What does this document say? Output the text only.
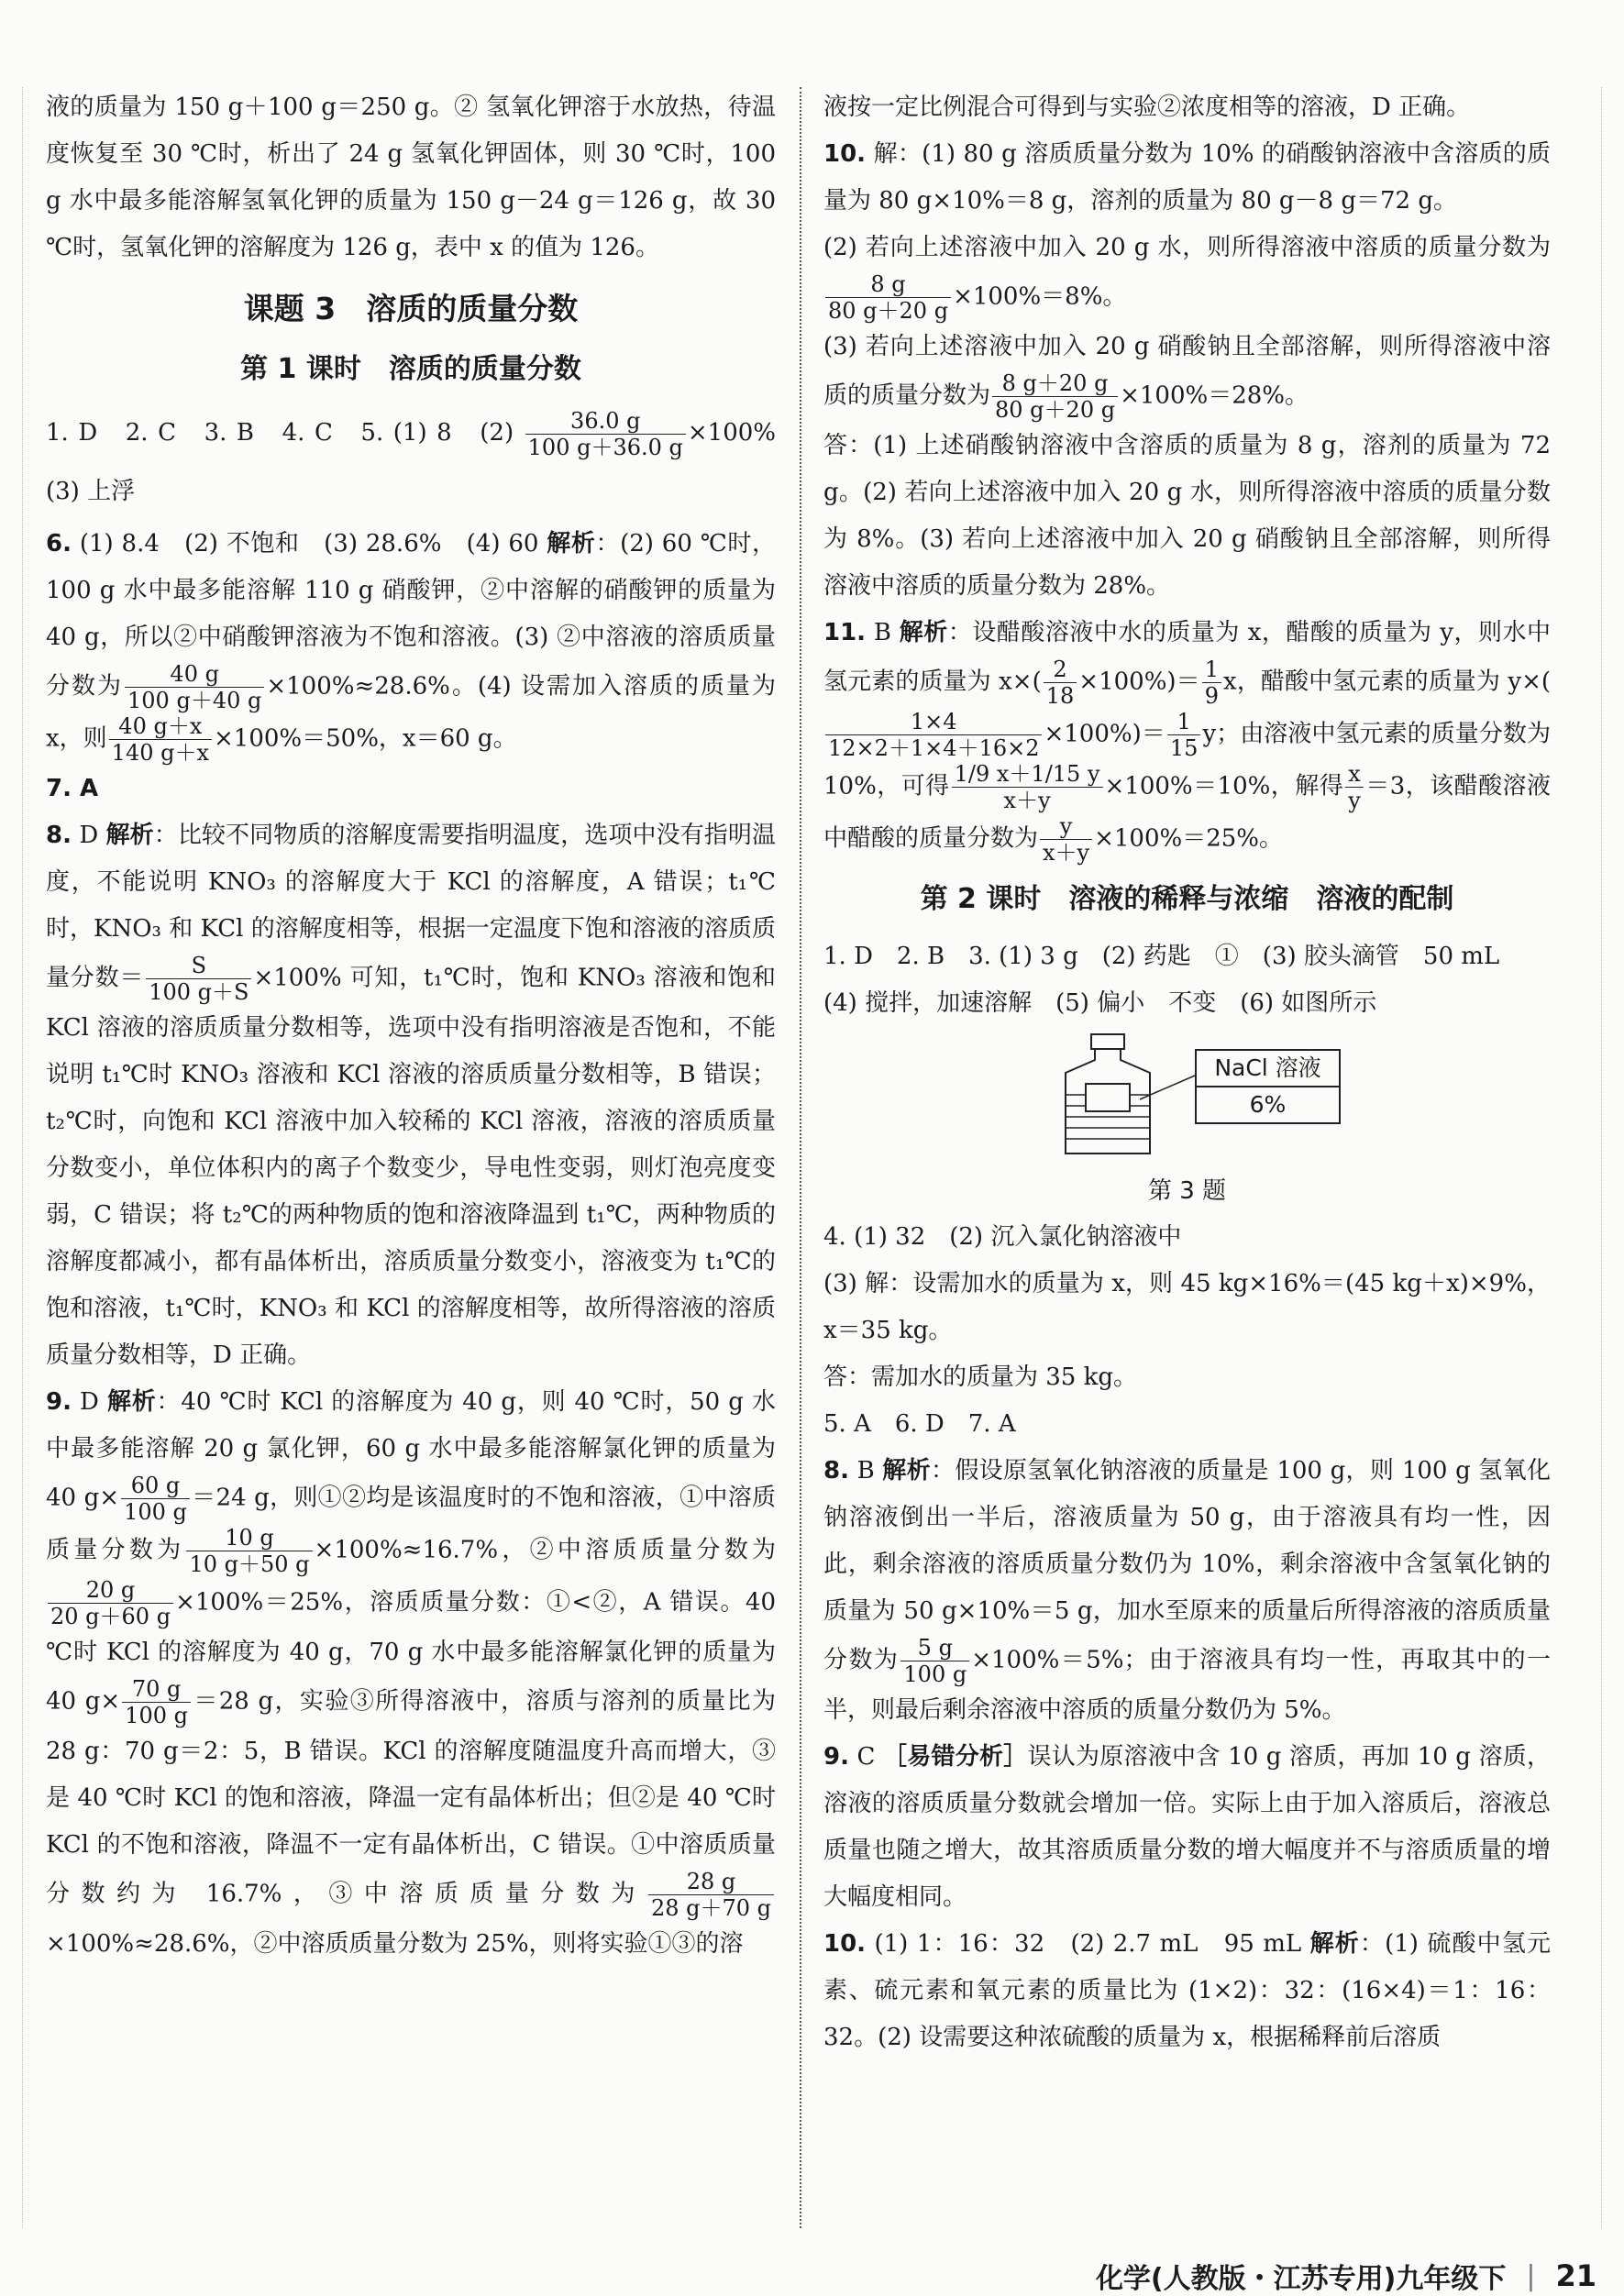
液的质量为 150 g＋100 g＝250 g。② 氢氧化钾溶于水放热，待温度恢复至 30 ℃时，析出了 24 g 氢氧化钾固体，则 30 ℃时，100 g 水中最多能溶解氢氧化钾的质量为 150 g－24 g＝126 g，故 30 ℃时，氢氧化钾的溶解度为 126 g，表中 x 的值为 126。

课题 3　溶质的质量分数
第 1 课时　溶质的质量分数

1. D　2. C　3. B　4. C　5. (1) 8　$(2) \frac{36.0 g}{100 g+36.0 g} \times 100\%$　(3) 上浮

6. (1) 8.4　(2) 不饱和　(3) 28.6%　(4) 60 解析：(2) 60 ℃时，100 g 水中最多能溶解 110 g 硝酸钾，②中溶解的硝酸钾的质量为 40 g，所以②中硝酸钾溶液为不饱和溶液。(3) ②中溶液的溶质质量分数为 $\frac{40 g}{100 g+40 g} \times 100\%\approx 28.6\%$。(4) 设需加入溶质的质量为 x，则 $\frac{40 g+x}{140 g+x} \times 100\%=50\%$，x＝60 g。

7. A

8. D 解析：比较不同物质的溶解度需要指明温度，选项中没有指明温度，不能说明 KNO₃ 的溶解度大于 KCl 的溶解度，A 错误；t₁℃时，KNO₃ 和 KCl 的溶解度相等，根据一定温度下饱和溶液的溶质质量分数＝ $\frac{S}{100 g+S} \times 100\%$ 可知，t₁℃时，饱和 KNO₃ 溶液和饱和 KCl 溶液的溶质质量分数相等，选项中没有指明溶液是否饱和，不能说明 t₁℃时 KNO₃ 溶液和 KCl 溶液的溶质质量分数相等，B 错误；t₂℃时，向饱和 KCl 溶液中加入较稀的 KCl 溶液，溶液的溶质质量分数变小，单位体积内的离子个数变少，导电性变弱，则灯泡亮度变弱，C 错误；将 t₂℃的两种物质的饱和溶液降温到 t₁℃，两种物质的溶解度都减小，都有晶体析出，溶质质量分数变小，溶液变为 t₁℃的饱和溶液，t₁℃时，KNO₃ 和 KCl 的溶解度相等，故所得溶液的溶质质量分数相等，D 正确。

9. D 解析：40 ℃时 KCl 的溶解度为 40 g，则 40 ℃时，50 g 水中最多能溶解 20 g 氯化钾，60 g 水中最多能溶解氯化钾的质量为 40 $g\times \frac{60 g}{100 g} =24$ g，则①②均是该温度时的不饱和溶液，①中溶质质量分数为 $\frac{10 g}{10 g+50 g} \times 100\%\approx 16.7\%$，②中溶质质量分数为
$\frac{20 g}{20 g+60 g} \times 100\%=25\%$，溶质质量分数：①<②，A 错误。40 ℃时 KCl 的溶解度为 40 g，70 g 水中最多能溶解氯化钾的质量为 40 $g\times \frac{70 g}{100 g} =28$ g，实验③所得溶液中，溶质与溶剂的质量比为 28 g：70 g＝2：5，B 错误。KCl 的溶解度随温度升高而增大，③是 40 ℃时 KCl 的饱和溶液，降温一定有晶体析出；但②是 40 ℃时 KCl 的不饱和溶液，降温不一定有晶体析出，C 错误。①中溶质质量分数约为 16.7%，③中溶质质量分数为 $\frac{28 g}{28 g+70 g}$
×100%≈28.6%，②中溶质质量分数为 25%，则将实验①③的溶

液按一定比例混合可得到与实验②浓度相等的溶液，D 正确。

10. 解：(1) 80 g 溶质质量分数为 10% 的硝酸钠溶液中含溶质的质量为 80 g×10%＝8 g，溶剂的质量为 80 g－8 g＝72 g。

(2) 若向上述溶液中加入 20 g 水，则所得溶液中溶质的质量分数为
$\frac{8 g}{80 g+20 g} \times 100\%=8\%$。

(3) 若向上述溶液中加入 20 g 硝酸钠且全部溶解，则所得溶液中溶质的质量分数为 $\frac{8 g+20 g}{80 g+20 g} \times 100\%=28\%$。

答：(1) 上述硝酸钠溶液中含溶质的质量为 8 g，溶剂的质量为 72 g。(2) 若向上述溶液中加入 20 g 水，则所得溶液中溶质的质量分数为 8%。(3) 若向上述溶液中加入 20 g 硝酸钠且全部溶解，则所得溶液中溶质的质量分数为 28%。

11. B 解析：设醋酸溶液中水的质量为 x，醋酸的质量为 y，则水中氢元素的质量为 $x\times( \frac{2}{18} \times 100\%)= \frac{1}{9}$ x，醋酸中氢元素的质量为 y×(
$\frac{1\times 4}{12\times 2+1\times 4+16\times 2} \times 100\%)= \frac{1}{15}$ y；由溶液中氢元素的质量分数为 10%，可得 $\frac{1/9 x+1/15 y}{x+y} \times 100\%=10\%$，解得 $\frac{x}{y} =3$，该醋酸溶液中醋酸的质量分数为 $\frac{y}{x+y} \times 100\%=25\%$。

第 2 课时　溶液的稀释与浓缩　溶液的配制

1. D　2. B　3. (1) 3 g　(2) 药匙　①　(3) 胶头滴管　50 mL

(4) 搅拌，加速溶解　(5) 偏小　不变　(6) 如图所示

NaCl 溶液
6%
第 3 题

4. (1) 32　(2) 沉入氯化钠溶液中

(3) 解：设需加水的质量为 x，则 45 kg×16%＝(45 kg＋x)×9%，x＝35 kg。

答：需加水的质量为 35 kg。

5. A　6. D　7. A

8. B 解析：假设原氢氧化钠溶液的质量是 100 g，则 100 g 氢氧化钠溶液倒出一半后，溶液质量为 50 g，由于溶液具有均一性，因此，剩余溶液的溶质质量分数仍为 10%，剩余溶液中含氢氧化钠的质量为 50 g×10%＝5 g，加水至原来的质量后所得溶液的溶质质量分数为 $\frac{5 g}{100 g} \times 100\%=5\%$；由于溶液具有均一性，再取其中的一半，则最后剩余溶液中溶质的质量分数仍为 5%。

9. C ［易错分析］误认为原溶液中含 10 g 溶质，再加 10 g 溶质，溶液的溶质质量分数就会增加一倍。实际上由于加入溶质后，溶液总质量也随之增大，故其溶质质量分数的增大幅度并不与溶质质量的增大幅度相同。

10. (1) 1：16：32　(2) 2.7 mL　95 mL 解析：(1) 硫酸中氢元素、硫元素和氧元素的质量比为 (1×2)：32：(16×4)＝1：16：32。(2) 设需要这种浓硫酸的质量为 x，根据稀释前后溶质

化学(人教版・江苏专用)九年级下 | 21
